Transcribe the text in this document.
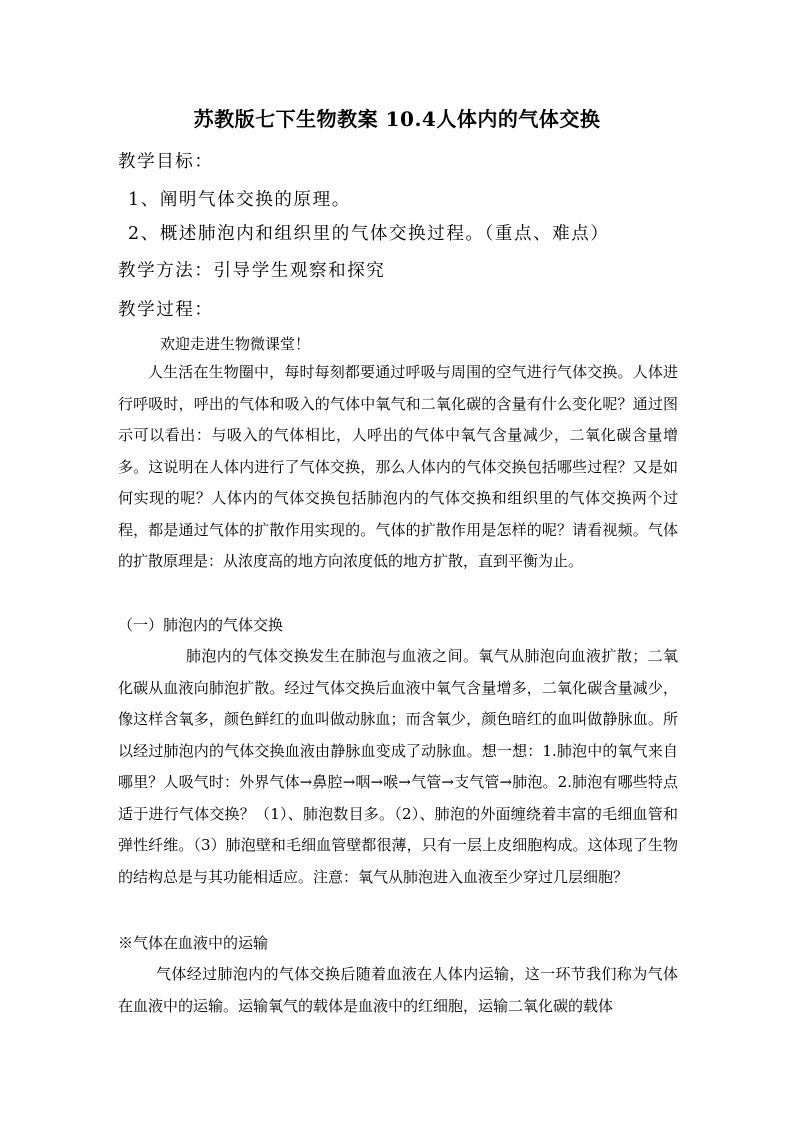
苏教版七下生物教案 10.4人体内的气体交换
教学目标：
1、阐明气体交换的原理。
2、概述肺泡内和组织里的气体交换过程。（重点、难点）
教学方法：引导学生观察和探究
教学过程：
欢迎走进生物微课堂！

人生活在生物圈中，每时每刻都要通过呼吸与周围的空气进行气体交换。人体进行呼吸时，呼出的气体和吸入的气体中氧气和二氧化碳的含量有什么变化呢？通过图示可以看出：与吸入的气体相比，人呼出的气体中氧气含量减少，二氧化碳含量增多。这说明在人体内进行了气体交换，那么人体内的气体交换包括哪些过程？又是如何实现的呢？人体内的气体交换包括肺泡内的气体交换和组织里的气体交换两个过程，都是通过气体的扩散作用实现的。气体的扩散作用是怎样的呢？请看视频。气体的扩散原理是：从浓度高的地方向浓度低的地方扩散，直到平衡为止。

（一）肺泡内的气体交换

肺泡内的气体交换发生在肺泡与血液之间。氧气从肺泡向血液扩散；二氧化碳从血液向肺泡扩散。经过气体交换后血液中氧气含量增多，二氧化碳含量减少，像这样含氧多，颜色鲜红的血叫做动脉血；而含氧少，颜色暗红的血叫做静脉血。所以经过肺泡内的气体交换血液由静脉血变成了动脉血。想一想：1.肺泡中的氧气来自哪里？人吸气时：外界气体→鼻腔→咽→喉→气管→支气管→肺泡。2.肺泡有哪些特点适于进行气体交换？（1）、肺泡数目多。（2）、肺泡的外面缠绕着丰富的毛细血管和弹性纤维。（3）肺泡壁和毛细血管壁都很薄，只有一层上皮细胞构成。这体现了生物的结构总是与其功能相适应。注意：氧气从肺泡进入血液至少穿过几层细胞？

※气体在血液中的运输

气体经过肺泡内的气体交换后随着血液在人体内运输，这一环节我们称为气体在血液中的运输。运输氧气的载体是血液中的红细胞，运输二氧化碳的载体
